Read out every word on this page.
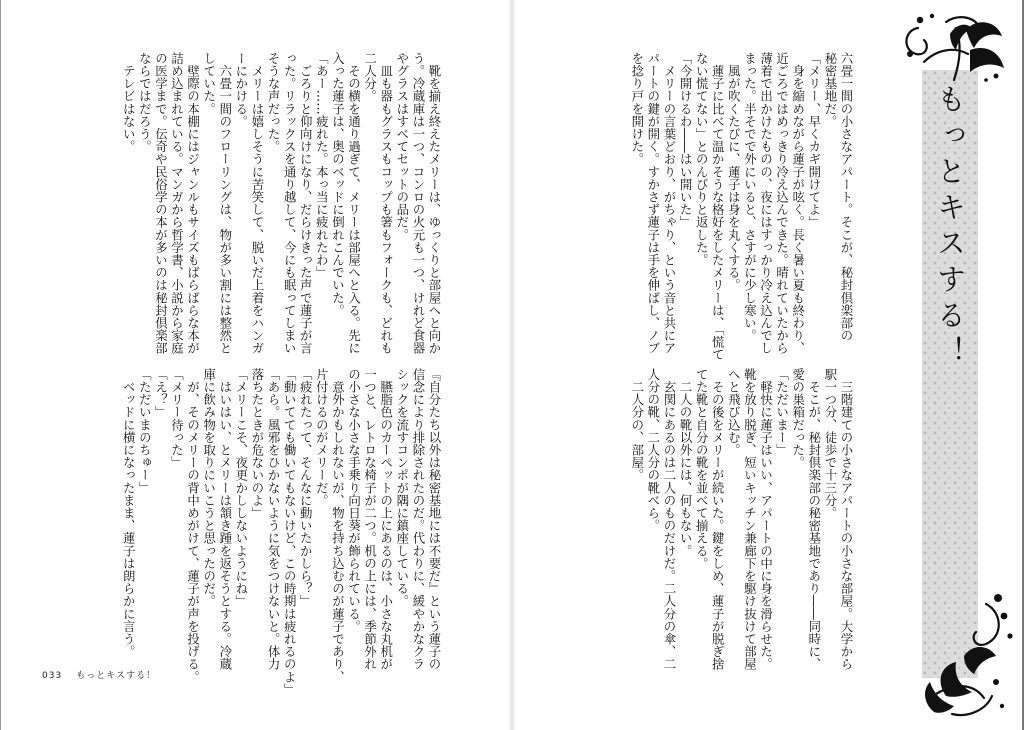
六畳一間の小さなアパート。そこが、秘封倶楽部の

秘密基地だ。

「メリー、早くカギ開けてよ」

　身を縮めながら蓮子が呟く。長く暑い夏も終わり、

近ごろではめっきり冷え込んできた。晴れていたから

薄着で出かけたものの、夜にはすっかり冷え込んでし

まった。半そでで外にいると、さすがに少し寒い。

　風が吹くたびに、蓮子は身を丸くする。

　蓮子に比べて温かそうな格好をしたメリーは、「慌て

ない慌てない」とのんびりと返した。

「今開けるわ――はい開いた」

　メリーの言葉どおり、がちゃり、という音と共にア

パートの鍵が開く。すかさず蓮子は手を伸ばし、ノブ

を捻り戸を開けた。

　三階建ての小さなアパートの小さな部屋。大学から

駅一つ分、徒歩で十三分。

　そこが、秘封倶楽部の秘密基地であり――同時に、

愛の巣箱だった。

「ただいまー」

　軽快に蓮子はいい、アパートの中に身を滑らせた。

靴を放り脱ぎ、短いキッチン兼廊下を駆け抜けて部屋

へと飛び込む。

　その後をメリーが続いた。鍵をしめ、蓮子が脱ぎ捨

てた靴と自分の靴を並べて揃える。

　二人の靴以外には、何もない。

　玄関にあるのは二人のものだけだ。二人分の傘、二

人分の靴、二人分の靴べら。

　二人分の、部屋。

　靴を揃え終えたメリーは、ゆっくりと部屋へと向か

う。冷蔵庫は一つ、コンロの火元も一つ、けれど食器

やグラスはすべてセットの品だ。

　皿も器もグラスもコップも箸もフォークも、どれも

二人分。

　その横を通り過ぎて、メリーは部屋へと入る。先に

入った蓮子は、奥のベッドに倒れこんでいた。

「あー……疲れた。本っ当に疲れたわ」

　ごろりと仰向けになり、だらけきった声で蓮子が言

った。リラックスを通り越して、今にも眠ってしまい

そうな声だった。

　メリーは嬉しそうに苦笑して、脱いだ上着をハンガ

ーにかける。

　六畳一間のフローリングは、物が多い割には整然と

していた。

　壁際の本棚にはジャンルもサイズもばらばらな本が

詰め込まれている。マンガから哲学書、小説から家庭

の医学まで。伝奇や民俗学の本が多いのは秘封倶楽部

ならではだろう。

　テレビはない。

『自分たち以外は秘密基地には不要だ』という蓮子の

信念により排除されたのだ。代わりに、緩やかなクラ

シックを流すコンポが隅に鎮座している。

　臙脂色のカーペットの上にあるのは、小さな丸机が

一つと、レトロな椅子が二つ。机の上には、季節外れ

の小さな小さな手乗り向日葵が飾られている。

　意外かもしれないが、物を持ち込むのが蓮子であり、

片付けるのがメリーだ。

「疲れたって、そんなに動いたかしら？」

「動いてても働いてもないけど、この時期は疲れるのよ」

「あら。風邪をひかないように気をつけないと。体力

落ちたときが危ないのよ」

「メリーこそ、夜更かししないようにね」

　はいはい、とメリーは頷き踵を返そうとする。冷蔵

庫に飲み物を取りにいこうと思ったのだ。

　が、そのメリーの背中めがけて、蓮子が声を投げる。

「メリー待った」

「え？」

「ただいまのちゅー」

　ベッドに横になったまま、蓮子は朗らかに言う。

もっとキスする！
033 もっとキスする！
